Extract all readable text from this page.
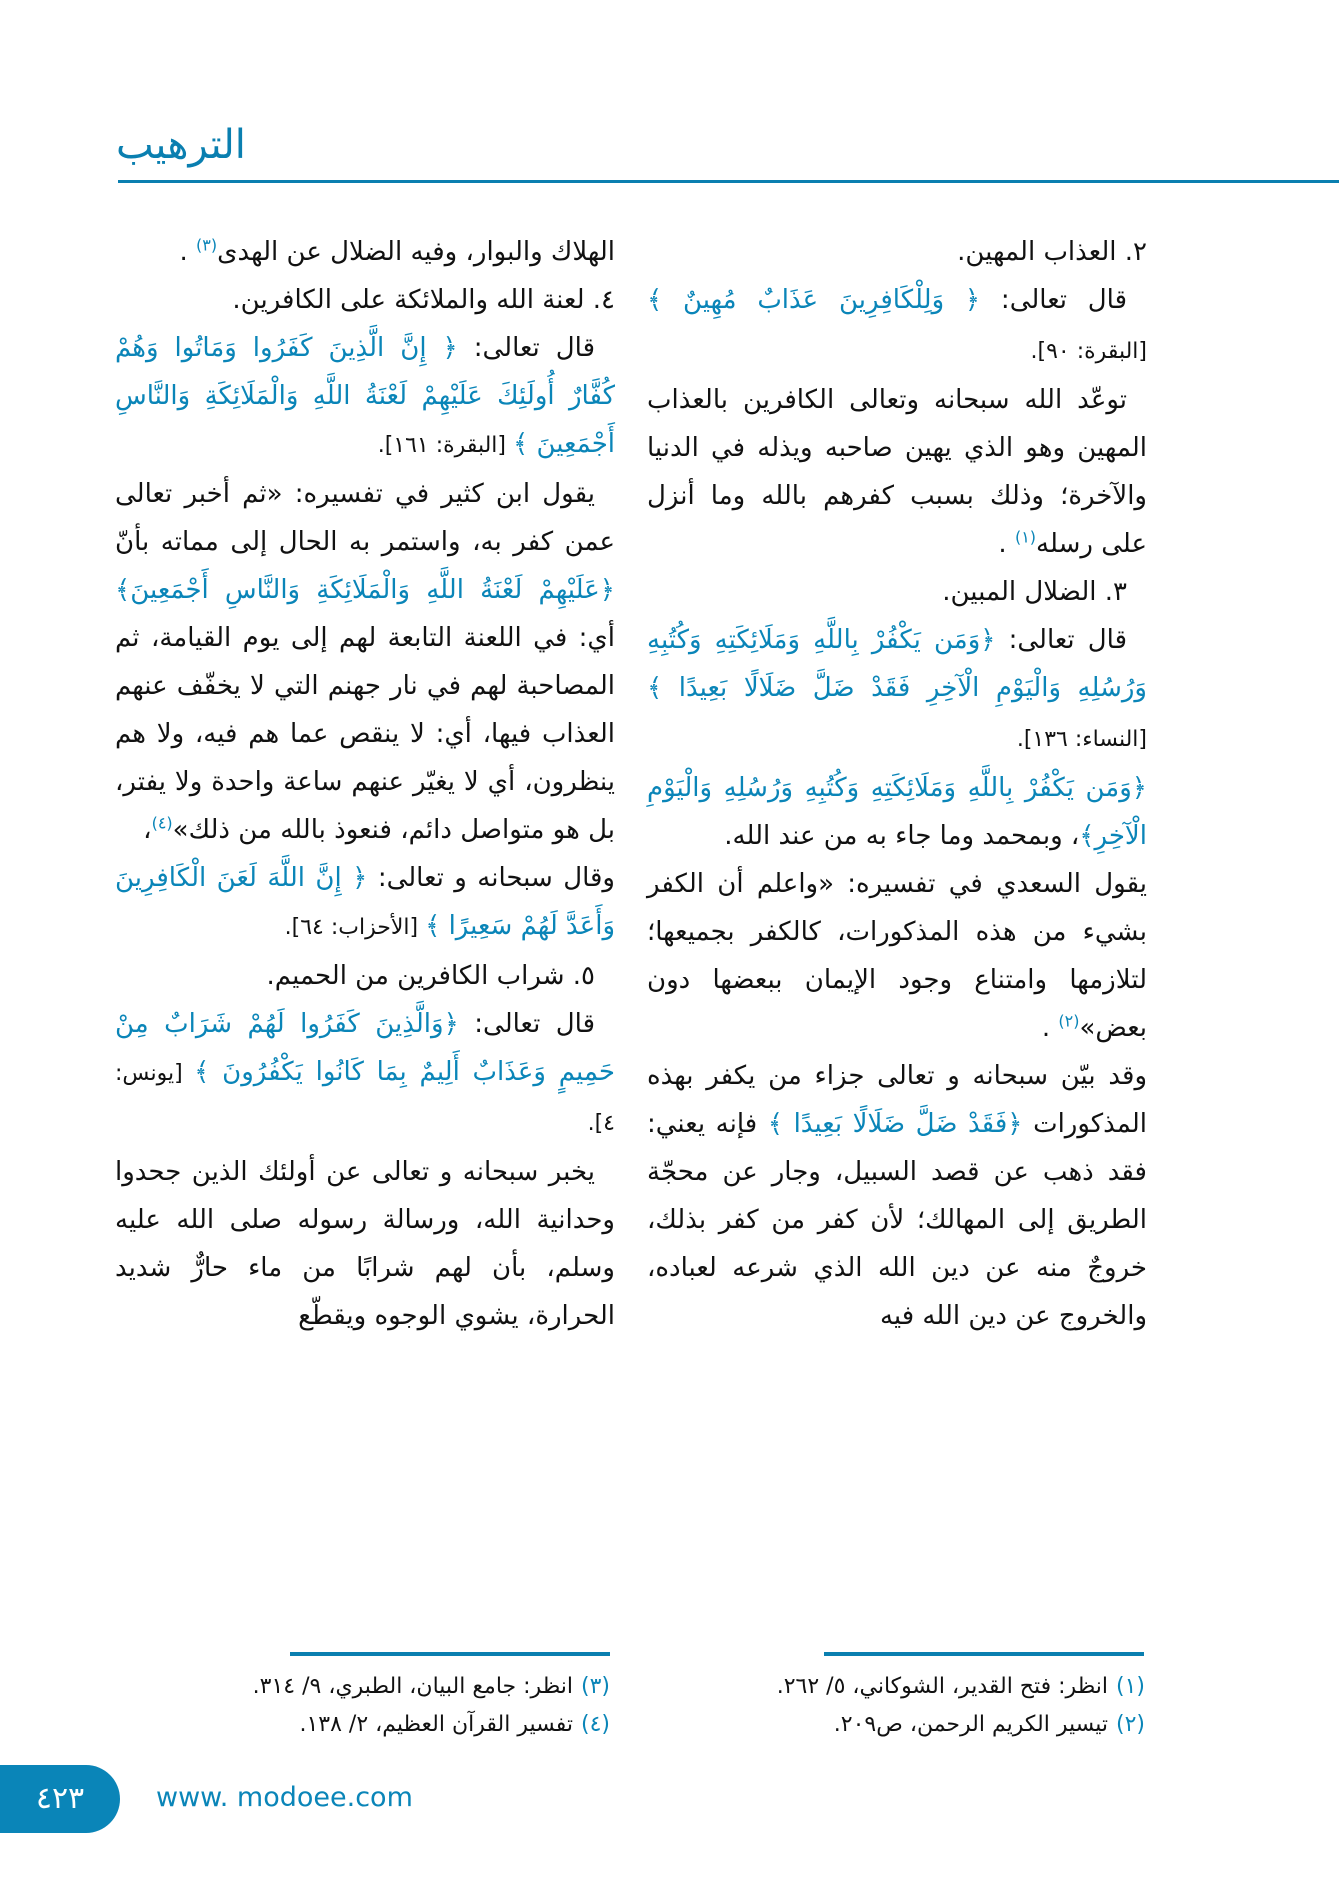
الترهيب

٢. العذاب المهين.

قال تعالى: ﴿ وَلِلْكَافِرِينَ عَذَابٌ مُهِينٌ ﴾ [البقرة: ٩٠].

توعّد الله سبحانه وتعالى الكافرين بالعذاب المهين وهو الذي يهين صاحبه ويذله في الدنيا والآخرة؛ وذلك بسبب كفرهم بالله وما أنزل على رسله$^{(١)}$ .

٣. الضلال المبين.

قال تعالى: ﴿وَمَن يَكْفُرْ بِاللَّهِ وَمَلَائِكَتِهِ وَكُتُبِهِ وَرُسُلِهِ وَالْيَوْمِ الْآخِرِ فَقَدْ ضَلَّ ضَلَالًا بَعِيدًا ﴾ [النساء: ١٣٦].

﴿وَمَن يَكْفُرْ بِاللَّهِ وَمَلَائِكَتِهِ وَكُتُبِهِ وَرُسُلِهِ وَالْيَوْمِ الْآخِرِ﴾، وبمحمد وما جاء به من عند الله.

يقول السعدي في تفسيره: «واعلم أن الكفر بشيء من هذه المذكورات، كالكفر بجميعها؛ لتلازمها وامتناع وجود الإيمان ببعضها دون بعض»$^{(٢)}$ .

وقد بيّن سبحانه و تعالى جزاء من يكفر بهذه المذكورات ﴿فَقَدْ ضَلَّ ضَلَالًا بَعِيدًا ﴾ فإنه يعني: فقد ذهب عن قصد السبيل، وجار عن محجّة الطريق إلى المهالك؛ لأن كفر من كفر بذلك، خروجٌ منه عن دين الله الذي شرعه لعباده، والخروج عن دين الله فيه

الهلاك والبوار، وفيه الضلال عن الهدى$^{(٣)}$ .

٤. لعنة الله والملائكة على الكافرين.

قال تعالى: ﴿ إِنَّ الَّذِينَ كَفَرُوا وَمَاتُوا وَهُمْ كُفَّارٌ أُولَئِكَ عَلَيْهِمْ لَعْنَةُ اللَّهِ وَالْمَلَائِكَةِ وَالنَّاسِ أَجْمَعِينَ ﴾ [البقرة: ١٦١].

يقول ابن كثير في تفسيره: «ثم أخبر تعالى عمن كفر به، واستمر به الحال إلى مماته بأنّ ﴿عَلَيْهِمْ لَعْنَةُ اللَّهِ وَالْمَلَائِكَةِ وَالنَّاسِ أَجْمَعِينَ﴾ أي: في اللعنة التابعة لهم إلى يوم القيامة، ثم المصاحبة لهم في نار جهنم التي لا يخفّف عنهم العذاب فيها، أي: لا ينقص عما هم فيه، ولا هم ينظرون، أي لا يغيّر عنهم ساعة واحدة ولا يفتر، بل هو متواصل دائم، فنعوذ بالله من ذلك»$^{(٤)}$،

وقال سبحانه و تعالى: ﴿ إِنَّ اللَّهَ لَعَنَ الْكَافِرِينَ وَأَعَدَّ لَهُمْ سَعِيرًا ﴾ [الأحزاب: ٦٤].

٥. شراب الكافرين من الحميم.

قال تعالى: ﴿وَالَّذِينَ كَفَرُوا لَهُمْ شَرَابٌ مِنْ حَمِيمٍ وَعَذَابٌ أَلِيمٌ بِمَا كَانُوا يَكْفُرُونَ ﴾ [يونس: ٤].

يخبر سبحانه و تعالى عن أولئك الذين جحدوا وحدانية الله، ورسالة رسوله صلى الله عليه وسلم، بأن لهم شرابًا من ماء حارٌّ شديد الحرارة، يشوي الوجوه ويقطّع

(١)انظر: فتح القدير، الشوكاني، ٥/ ٢٦٢.
(٢)تيسير الكريم الرحمن، ص٢٠٩.
(٣)انظر: جامع البيان، الطبري، ٩/ ٣١٤.
(٤)تفسير القرآن العظيم، ٢/ ١٣٨.
٤٢٣	www. modoee.com
